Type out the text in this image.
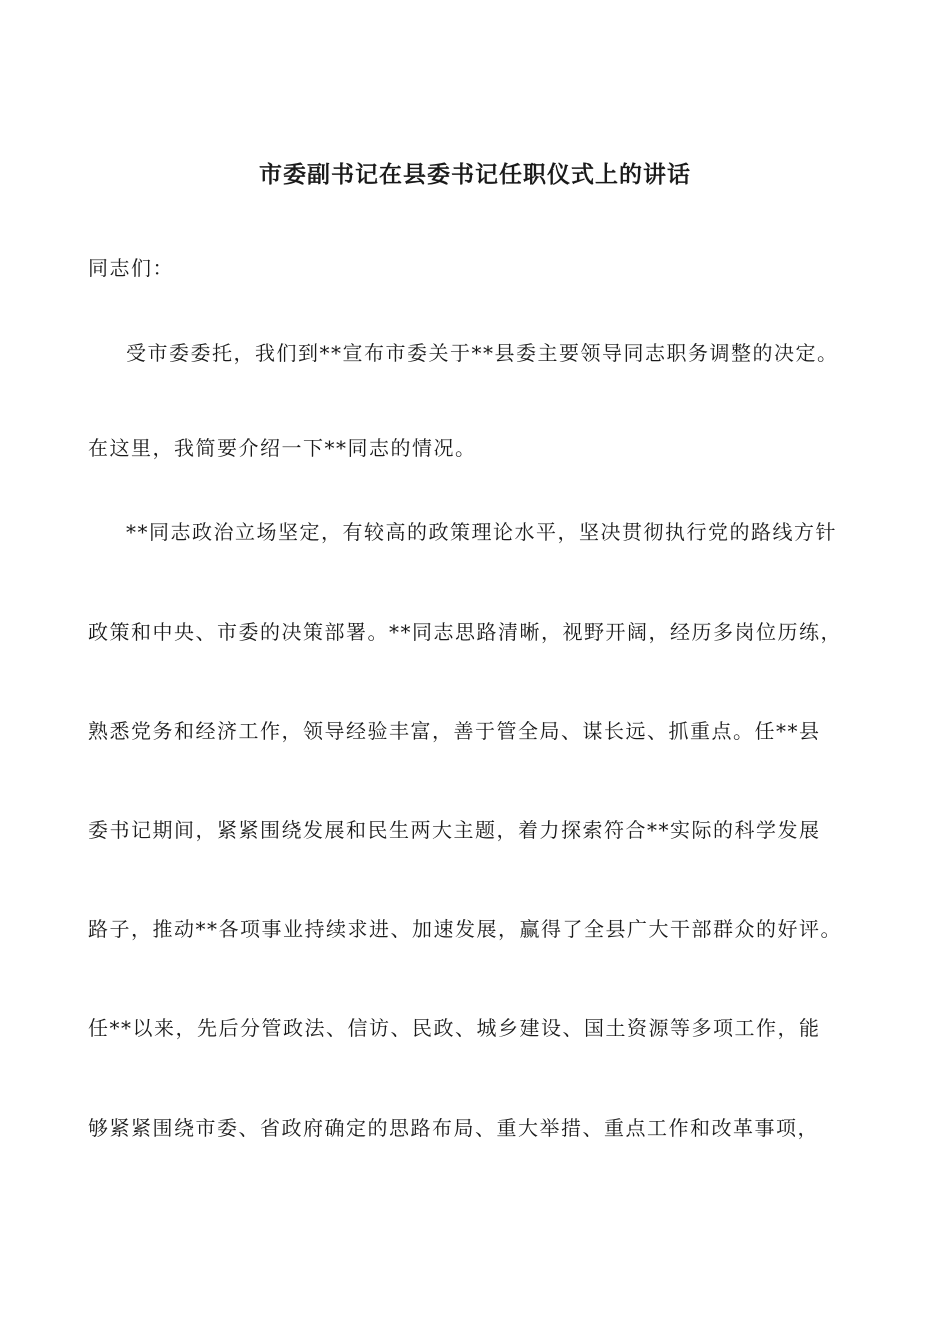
市委副书记在县委书记任职仪式上的讲话
同志们：
受市委委托，我们到**宣布市委关于**县委主要领导同志职务调整的决定。
在这里，我简要介绍一下**同志的情况。
**同志政治立场坚定，有较高的政策理论水平，坚决贯彻执行党的路线方针
政策和中央、市委的决策部署。**同志思路清晰，视野开阔，经历多岗位历练，
熟悉党务和经济工作，领导经验丰富，善于管全局、谋长远、抓重点。任**县
委书记期间，紧紧围绕发展和民生两大主题，着力探索符合**实际的科学发展
路子，推动**各项事业持续求进、加速发展，赢得了全县广大干部群众的好评。
任**以来，先后分管政法、信访、民政、城乡建设、国土资源等多项工作，能
够紧紧围绕市委、省政府确定的思路布局、重大举措、重点工作和改革事项，
